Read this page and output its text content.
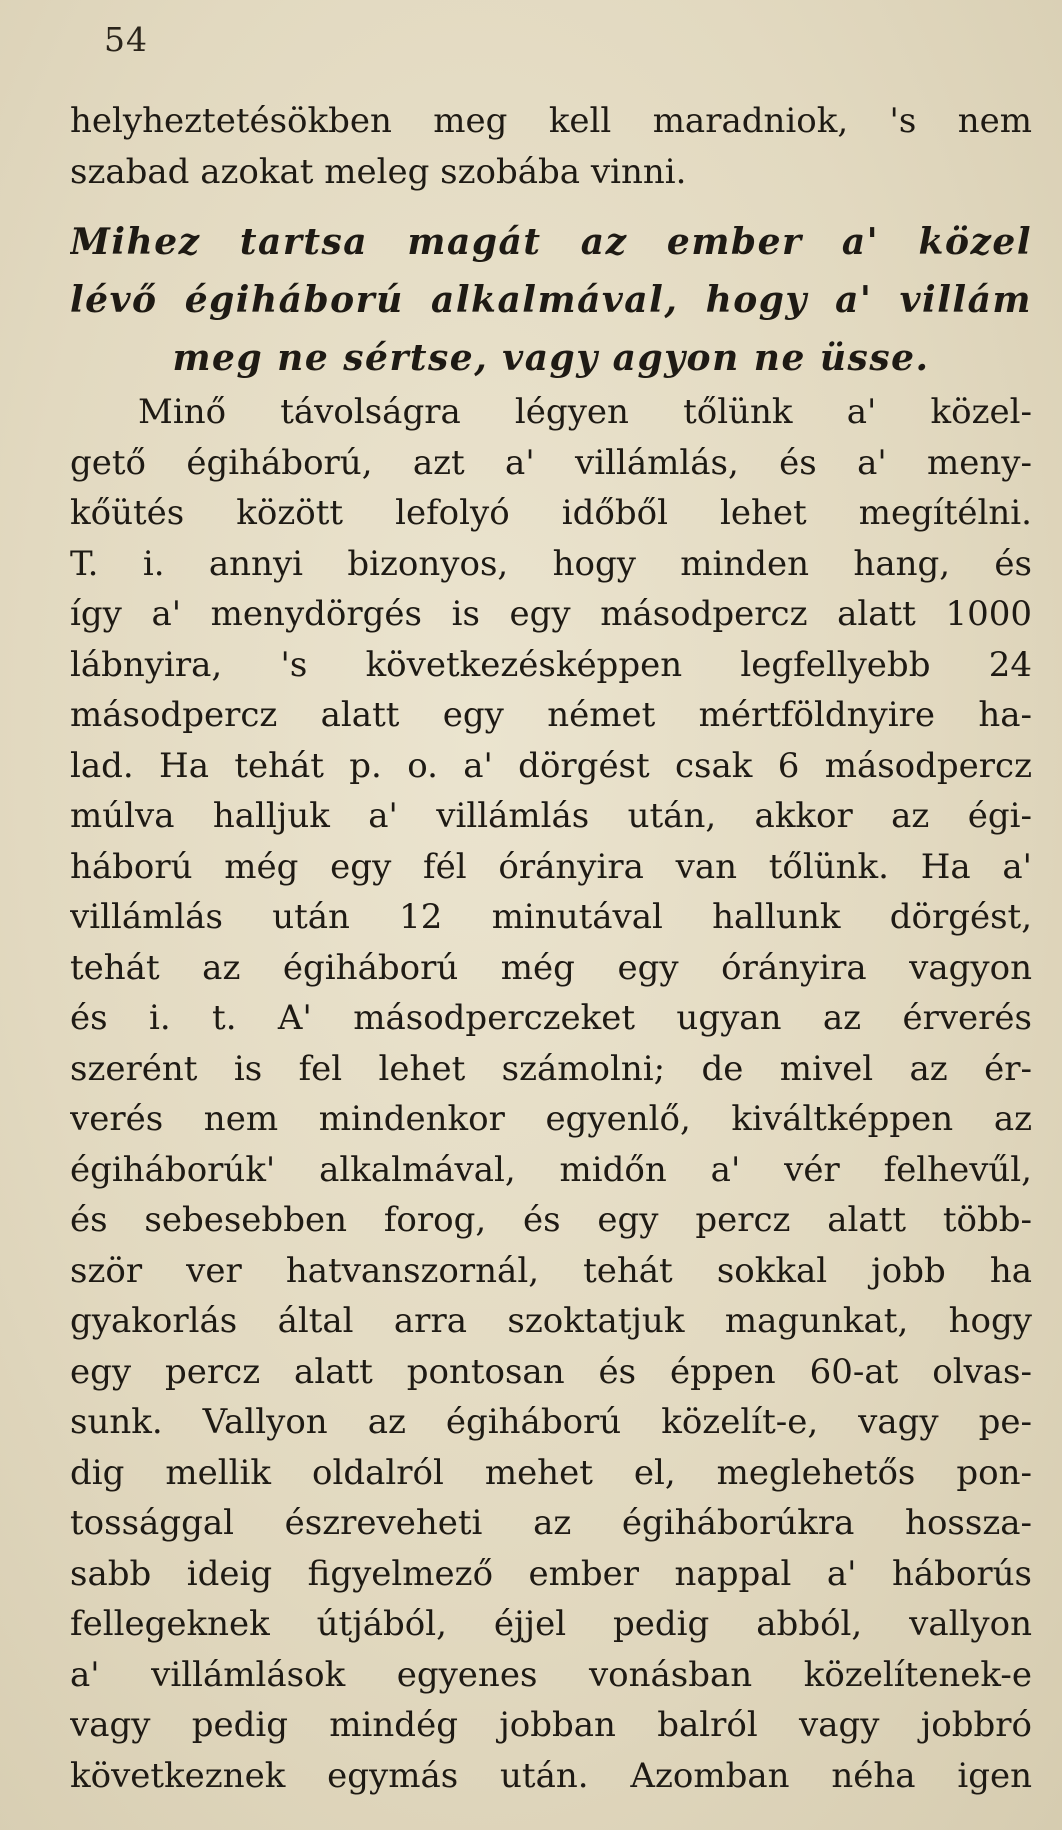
54
helyheztetésökben meg kell maradniok, 's nem
szabad azokat meleg szobába vinni.
Mihez tartsa magát az ember a' közel
lévő égiháború alkalmával, hogy a' villám
meg ne sértse, vagy agyon ne üsse.
Minő távolságra légyen tőlünk a' közel-
gető égiháború, azt a' villámlás, és a' meny-
kőütés között lefolyó időből lehet megítélni.
T. i. annyi bizonyos, hogy minden hang, és
így a' menydörgés is egy másodpercz alatt 1000
lábnyira, 's következésképpen legfellyebb 24
másodpercz alatt egy német mértföldnyire ha-
lad. Ha tehát p. o. a' dörgést csak 6 másodpercz
múlva halljuk a' villámlás után, akkor az égi-
háború még egy fél órányira van tőlünk. Ha a'
villámlás után 12 minutával hallunk dörgést,
tehát az égiháború még egy órányira vagyon
és i. t. A' másodperczeket ugyan az érverés
szerént is fel lehet számolni; de mivel az ér-
verés nem mindenkor egyenlő, kiváltképpen az
égiháborúk' alkalmával, midőn a' vér felhevűl,
és sebesebben forog, és egy percz alatt több-
ször ver hatvanszornál, tehát sokkal jobb ha
gyakorlás által arra szoktatjuk magunkat, hogy
egy percz alatt pontosan és éppen 60-at olvas-
sunk. Vallyon az égiháború közelít-e, vagy pe-
dig mellik oldalról mehet el, meglehetős pon-
tossággal észreveheti az égiháborúkra hossza-
sabb ideig figyelmező ember nappal a' háborús
fellegeknek útjából, éjjel pedig abból, vallyon
a' villámlások egyenes vonásban közelítenek-e
vagy pedig mindég jobban balról vagy jobbró
következnek egymás után. Azomban néha igen
